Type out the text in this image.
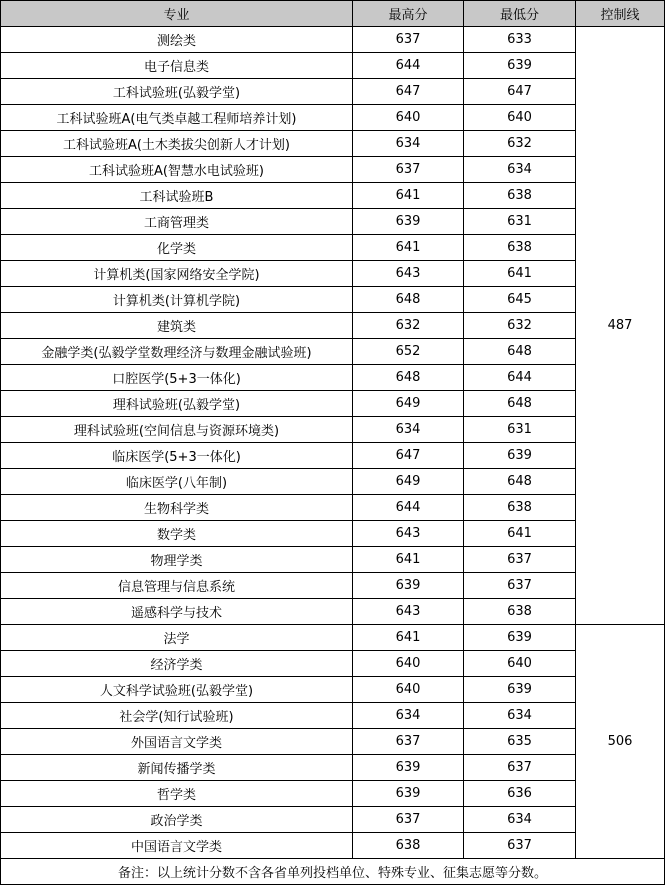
专业	最高分	最低分	控制线
测绘类	637	633	487
电子信息类	644	639	
工科试验班(弘毅学堂)	647	647	
工科试验班A(电气类卓越工程师培养计划)	640	640	
工科试验班A(土木类拔尖创新人才计划)	634	632	
工科试验班A(智慧水电试验班)	637	634	
工科试验班B	641	638	
工商管理类	639	631	
化学类	641	638	
计算机类(国家网络安全学院)	643	641	
计算机类(计算机学院)	648	645	
建筑类	632	632	
金融学类(弘毅学堂数理经济与数理金融试验班)	652	648	
口腔医学(5+3一体化)	648	644	
理科试验班(弘毅学堂)	649	648	
理科试验班(空间信息与资源环境类)	634	631	
临床医学(5+3一体化)	647	639	
临床医学(八年制)	649	648	
生物科学类	644	638	
数学类	643	641	
物理学类	641	637	
信息管理与信息系统	639	637	
遥感科学与技术	643	638	
法学	641	639	506
经济学类	640	640	
人文科学试验班(弘毅学堂)	640	639	
社会学(知行试验班)	634	634	
外国语言文学类	637	635	
新闻传播学类	639	637	
哲学类	639	636	
政治学类	637	634	
中国语言文学类	638	637	
备注：以上统计分数不含各省单列投档单位、特殊专业、征集志愿等分数。			
